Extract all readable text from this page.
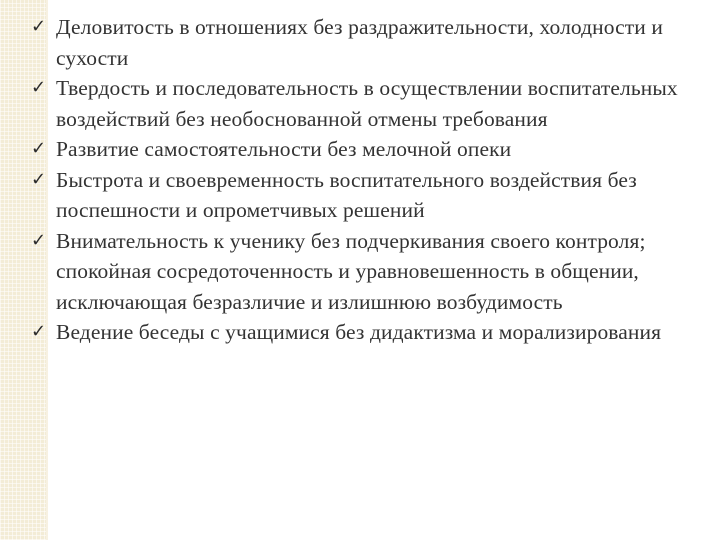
✓ Деловитость в отношениях без раздражительности, холодности и сухости
✓ Твердость и последовательность в осуществлении воспитательных воздействий без необоснованной отмены требования
✓ Развитие самостоятельности без мелочной опеки
✓ Быстрота и своевременность воспитательного воздействия без поспешности и опрометчивых решений
✓ Внимательность к ученику без подчеркивания своего контроля; спокойная сосредоточенность и уравновешенность в общении, исключающая безразличие и излишнюю возбудимость
✓ Ведение беседы с учащимися без дидактизма и морализирования
